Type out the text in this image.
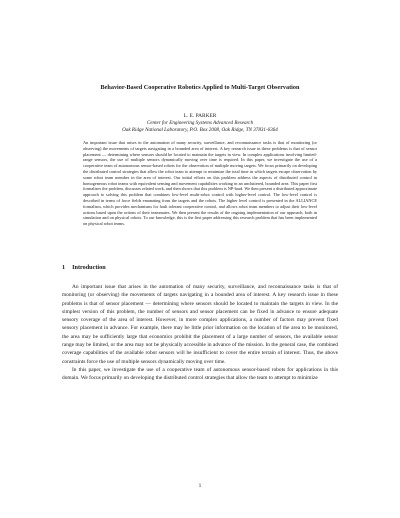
Behavior-Based Cooperative Robotics Applied to Multi-Target Observation
L. E. PARKER
Center for Engineering Systems Advanced Research
Oak Ridge National Laboratory, P.O. Box 2008, Oak Ridge, TN 37831-6364
An important issue that arises in the automation of many security, surveillance, and reconnaissance tasks is that of monitoring (or observing) the movements of targets navigating in a bounded area of interest. A key research issue in these problems is that of sensor placement — determining where sensors should be located to maintain the targets in view. In complex applications involving limited-range sensors, the use of multiple sensors dynamically moving over time is required. In this paper, we investigate the use of a cooperative team of autonomous sensor-based robots for the observation of multiple moving targets. We focus primarily on developing the distributed control strategies that allow the robot team to attempt to minimize the total time in which targets escape observation by some robot team member in the area of interest. Our initial efforts on this problem address the aspects of distributed control in homogeneous robot teams with equivalent sensing and movement capabilities working in an uncluttered, bounded area. This paper first formalizes the problem, discusses related work, and then shows that this problem is NP-hard. We then present a distributed approximate approach to solving this problem that combines low-level multi-robot control with higher-level control. The low-level control is described in terms of force fields emanating from the targets and the robots. The higher level control is presented in the ALLIANCE formalism, which provides mechanisms for fault tolerant cooperative control, and allows robot team members to adjust their low-level actions based upon the actions of their teammates. We then present the results of the ongoing implementation of our approach, both in simulation and on physical robots. To our knowledge, this is the first paper addressing this research problem that has been implemented on physical robot teams.
1 Introduction

An important issue that arises in the automation of many security, surveillance, and reconnaissance tasks is that of monitoring (or observing) the movements of targets navigating in a bounded area of interest. A key research issue in these problems is that of sensor placement — determining where sensors should be located to maintain the targets in view. In the simplest version of this problem, the number of sensors and sensor placement can be fixed in advance to ensure adequate sensory coverage of the area of interest. However, in more complex applications, a number of factors may prevent fixed sensory placement in advance. For example, there may be little prior information on the location of the area to be monitored, the area may be sufficiently large that economics prohibit the placement of a large number of sensors, the available sensor range may be limited, or the area may not be physically accessible in advance of the mission. In the general case, the combined coverage capabilities of the available robot sensors will be insufficient to cover the entire terrain of interest. Thus, the above constraints force the use of multiple sensors dynamically moving over time.

In this paper, we investigate the use of a cooperative team of autonomous sensor-based robots for applications in this domain. We focus primarily on developing the distributed control strategies that allow the team to attempt to minimize

1
